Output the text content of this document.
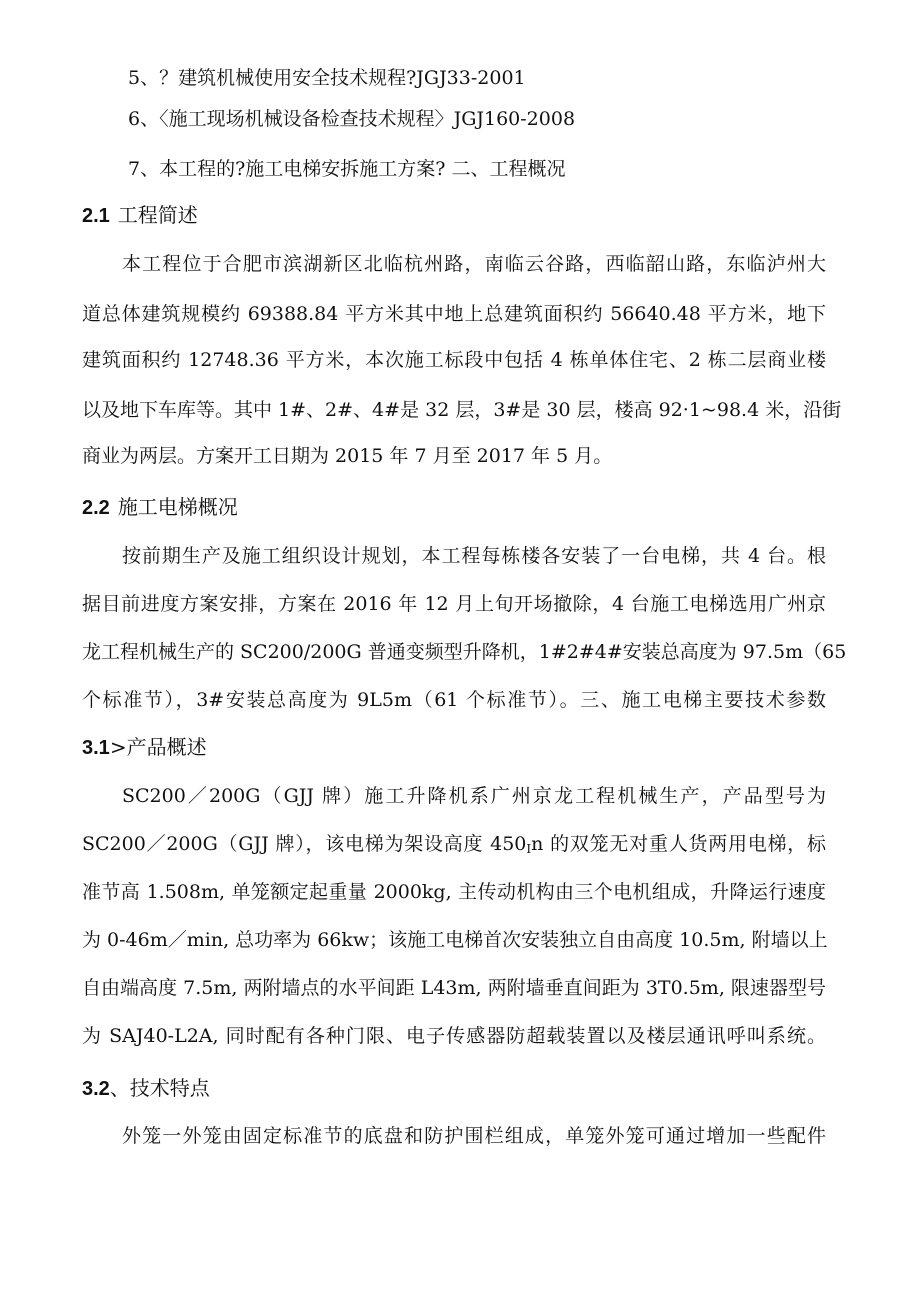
5、？建筑机械使用安全技术规程?JGJ33-2001
6、〈施工现场机械设备检查技术规程〉JGJ160-2008
7、本工程的?施工电梯安拆施工方案? 二、工程概况
2.1 工程简述
本工程位于合肥市滨湖新区北临杭州路，南临云谷路，西临韶山路，东临泸州大
道总体建筑规模约 69388.84 平方米其中地上总建筑面积约 56640.48 平方米，地下
建筑面积约 12748.36 平方米，本次施工标段中包括 4 栋单体住宅、2 栋二层商业楼
以及地下车库等。其中 1#、2#、4#是 32 层，3#是 30 层，楼高 92·1~98.4 米，沿街
商业为两层。方案开工日期为 2015 年 7 月至 2017 年 5 月。
2.2 施工电梯概况
按前期生产及施工组织设计规划，本工程每栋楼各安装了一台电梯，共 4 台。根
据目前进度方案安排，方案在 2016 年 12 月上旬开场撤除，4 台施工电梯选用广州京
龙工程机械生产的 SC200/200G 普通变频型升降机，1#2#4#安装总高度为 97.5m（65
个标准节），3#安装总高度为 9L5m（61 个标准节）。三、施工电梯主要技术参数
3.1>产品概述
SC200／200G（GJJ 牌）施工升降机系广州京龙工程机械生产，产品型号为
SC200／200G（GJJ 牌），该电梯为架设高度 450In 的双笼无对重人货两用电梯，标
准节高 1.508m, 单笼额定起重量 2000kg, 主传动机构由三个电机组成，升降运行速度
为 0-46m／min, 总功率为 66kw；该施工电梯首次安装独立自由高度 10.5m, 附墙以上
自由端高度 7.5m, 两附墙点的水平间距 L43m, 两附墙垂直间距为 3T0.5m, 限速器型号
为 SAJ40-L2A, 同时配有各种门限、电子传感器防超载装置以及楼层通讯呼叫系统。
3.2、技术特点
外笼一外笼由固定标准节的底盘和防护围栏组成，单笼外笼可通过增加一些配件
